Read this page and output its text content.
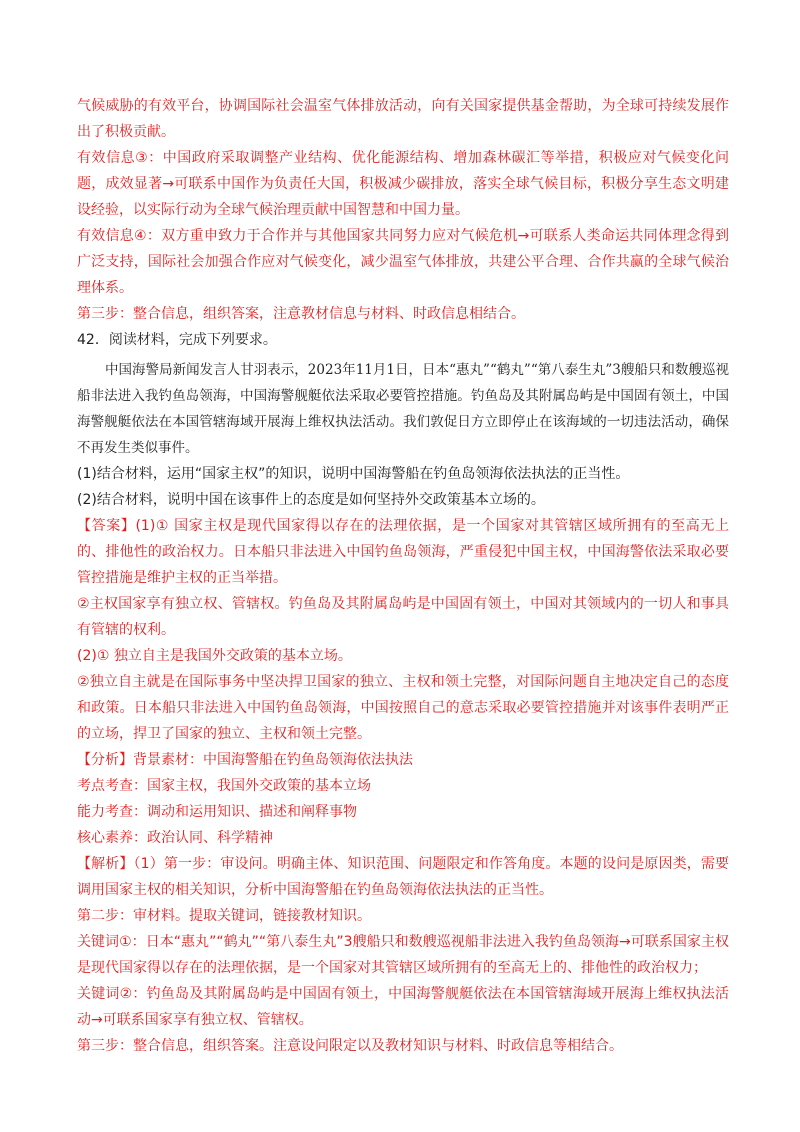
气候威胁的有效平台，协调国际社会温室气体排放活动，向有关国家提供基金帮助，为全球可持续发展作出了积极贡献。

有效信息③：中国政府采取调整产业结构、优化能源结构、增加森林碳汇等举措，积极应对气候变化问题，成效显著→可联系中国作为负责任大国，积极减少碳排放，落实全球气候目标，积极分享生态文明建设经验，以实际行动为全球气候治理贡献中国智慧和中国力量。

有效信息④：双方重申致力于合作并与其他国家共同努力应对气候危机→可联系人类命运共同体理念得到广泛支持，国际社会加强合作应对气候变化，减少温室气体排放，共建公平合理、合作共赢的全球气候治理体系。

第三步：整合信息，组织答案，注意教材信息与材料、时政信息相结合。

42．阅读材料，完成下列要求。

中国海警局新闻发言人甘羽表示，2023年11月1日，日本“惠丸”“鹤丸”“第八泰生丸”3艘船只和数艘巡视船非法进入我钓鱼岛领海，中国海警舰艇依法采取必要管控措施。钓鱼岛及其附属岛屿是中国固有领土，中国海警舰艇依法在本国管辖海域开展海上维权执法活动。我们敦促日方立即停止在该海域的一切违法活动，确保不再发生类似事件。

(1)结合材料，运用“国家主权”的知识，说明中国海警船在钓鱼岛领海依法执法的正当性。

(2)结合材料，说明中国在该事件上的态度是如何坚持外交政策基本立场的。

【答案】(1)① 国家主权是现代国家得以存在的法理依据，是一个国家对其管辖区域所拥有的至高无上的、排他性的政治权力。日本船只非法进入中国钓鱼岛领海，严重侵犯中国主权，中国海警依法采取必要管控措施是维护主权的正当举措。

②主权国家享有独立权、管辖权。钓鱼岛及其附属岛屿是中国固有领土，中国对其领域内的一切人和事具有管辖的权利。

(2)① 独立自主是我国外交政策的基本立场。

②独立自主就是在国际事务中坚决捍卫国家的独立、主权和领土完整，对国际问题自主地决定自己的态度和政策。日本船只非法进入中国钓鱼岛领海，中国按照自己的意志采取必要管控措施并对该事件表明严正的立场，捍卫了国家的独立、主权和领土完整。

【分析】背景素材：中国海警船在钓鱼岛领海依法执法

考点考查：国家主权，我国外交政策的基本立场

能力考查：调动和运用知识、描述和阐释事物

核心素养：政治认同、科学精神

【解析】（1）第一步：审设问。明确主体、知识范围、问题限定和作答角度。本题的设问是原因类，需要调用国家主权的相关知识，分析中国海警船在钓鱼岛领海依法执法的正当性。

第二步：审材料。提取关键词，链接教材知识。

关键词①：日本“惠丸”“鹤丸”“第八泰生丸”3艘船只和数艘巡视船非法进入我钓鱼岛领海→可联系国家主权是现代国家得以存在的法理依据，是一个国家对其管辖区域所拥有的至高无上的、排他性的政治权力；

关键词②：钓鱼岛及其附属岛屿是中国固有领土，中国海警舰艇依法在本国管辖海域开展海上维权执法活动→可联系国家享有独立权、管辖权。

第三步：整合信息，组织答案。注意设问限定以及教材知识与材料、时政信息等相结合。
